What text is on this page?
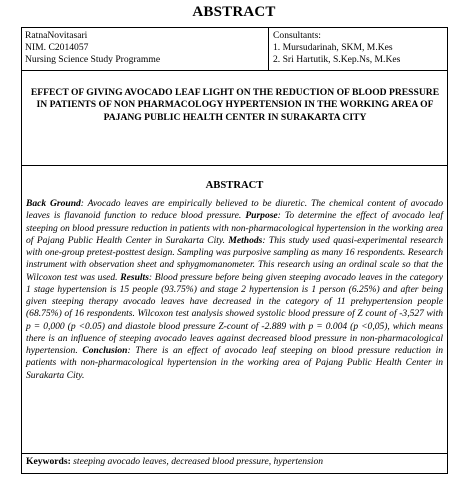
ABSTRACT
RatnaNovitasari
NIM. C2014057
Nursing Science Study Programme
Consultants:
1. Mursudarinah, SKM, M.Kes
2. Sri Hartutik, S.Kep.Ns, M.Kes
EFFECT OF GIVING AVOCADO LEAF LIGHT ON THE REDUCTION OF BLOOD PRESSURE IN PATIENTS OF NON PHARMACOLOGY HYPERTENSION IN THE WORKING AREA OF PAJANG PUBLIC HEALTH CENTER IN SURAKARTA CITY
ABSTRACT
Back Ground: Avocado leaves are empirically believed to be diuretic. The chemical content of avocado leaves is flavanoid function to reduce blood pressure. Purpose: To determine the effect of avocado leaf steeping on blood pressure reduction in patients with non-pharmacological hypertension in the working area of Pajang Public Health Center in Surakarta City. Methods: This study used quasi-experimental research with one-group pretest-posttest design. Sampling was purposive sampling as many 16 respondents. Research instrument with observation sheet and sphygmomanometer. This research using an ordinal scale so that the Wilcoxon test was used. Results: Blood pressure before being given steeping avocado leaves in the category 1 stage hypertension is 15 people (93.75%) and stage 2 hypertension is 1 person (6.25%) and after being given steeping therapy avocado leaves have decreased in the category of 11 prehypertension people (68.75%) of 16 respondents. Wilcoxon test analysis showed systolic blood pressure of Z count of -3,527 with p = 0,000 (p <0.05) and diastole blood pressure Z-count of -2.889 with p = 0.004 (p <0,05), which means there is an influence of steeping avocado leaves against decreased blood pressure in non-pharmacological hypertension. Conclusion: There is an effect of avocado leaf steeping on blood pressure reduction in patients with non-pharmacological hypertension in the working area of Pajang Public Health Center in Surakarta City.
Keywords: steeping avocado leaves, decreased blood pressure, hypertension
